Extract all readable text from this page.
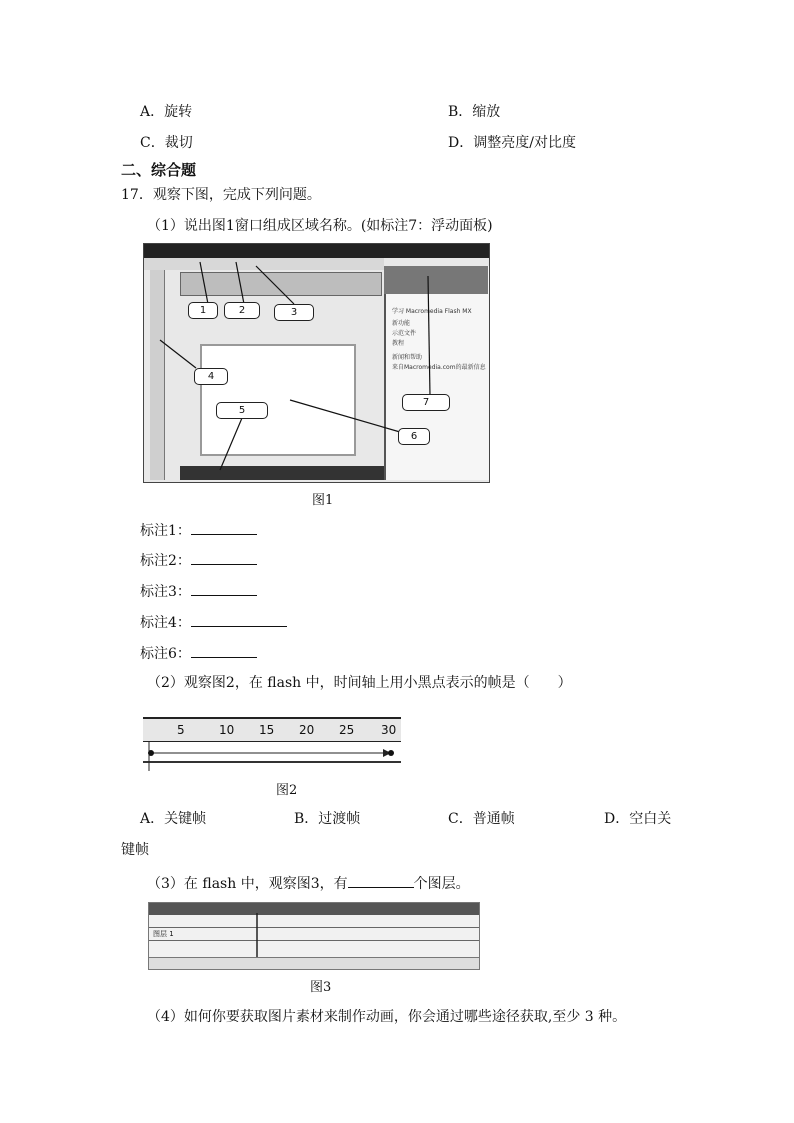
A．旋转	B．缩放
C．裁切	D．调整亮度/对比度
二、综合题
17．观察下图，完成下列问题。
（1）说出图1窗口组成区域名称。(如标注7：浮动面板)
学习 Macromedia Flash MX
新功能
示范文件
教程
新闻和帮助
来自Macromedia.com的最新信息
1	2	3
4
5
6
7
图1
标注1：
标注2：
标注3：
标注4：
标注6：
（2）观察图2，在 flash 中，时间轴上用小黑点表示的帧是（　　）
5	10 15 20 25 30
图2
A．关键帧	B．过渡帧	C．普通帧	D．空白关
键帧
（3）在 flash 中，观察图3，有	个图层。
图层 1
图3
（4）如何你要获取图片素材来制作动画，你会通过哪些途径获取,至少 3 种。
